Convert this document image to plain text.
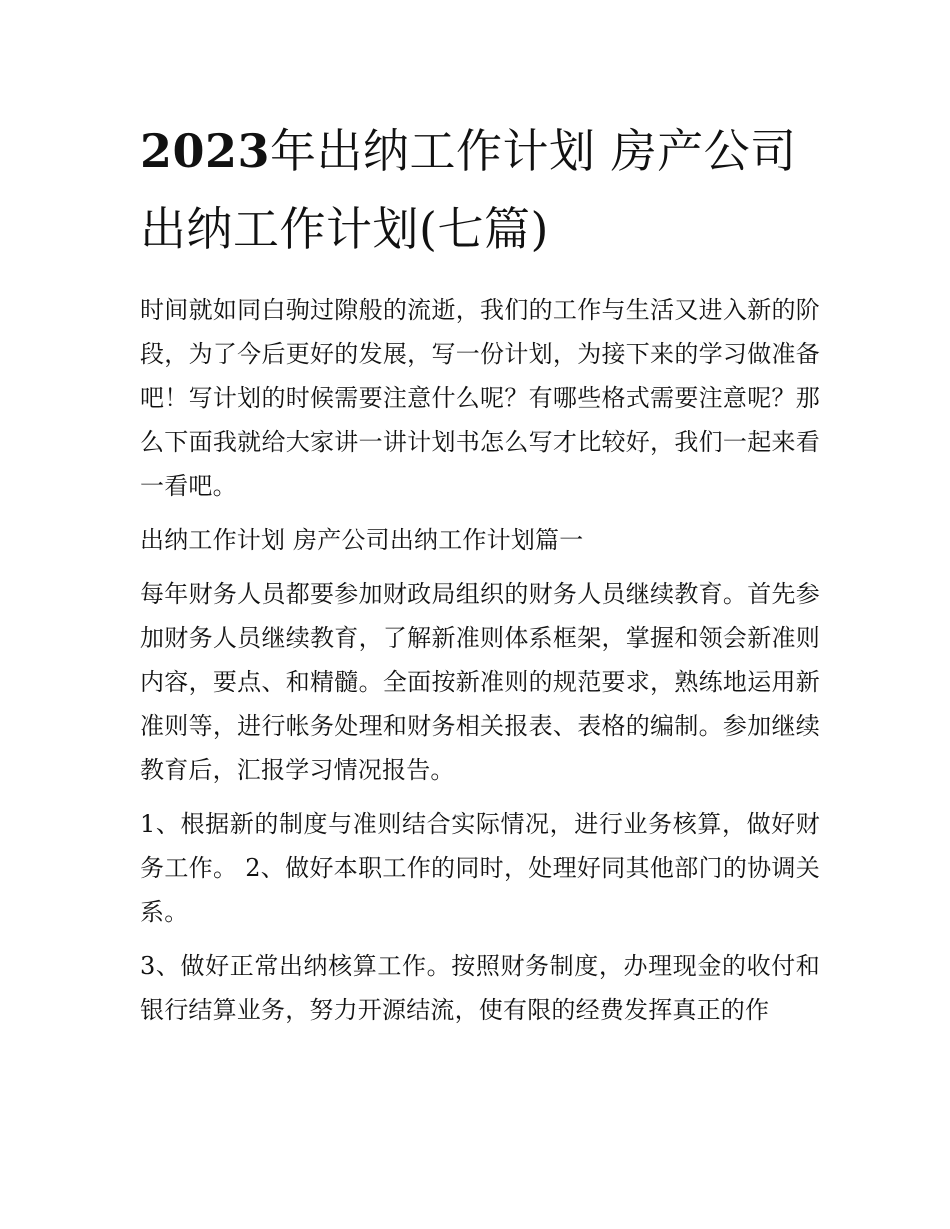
2023年出纳工作计划 房产公司出纳工作计划(七篇)

时间就如同白驹过隙般的流逝，我们的工作与生活又进入新的阶段，为了今后更好的发展，写一份计划，为接下来的学习做准备吧！写计划的时候需要注意什么呢？有哪些格式需要注意呢？那么下面我就给大家讲一讲计划书怎么写才比较好，我们一起来看一看吧。

出纳工作计划 房产公司出纳工作计划篇一

每年财务人员都要参加财政局组织的财务人员继续教育。首先参加财务人员继续教育，了解新准则体系框架，掌握和领会新准则内容，要点、和精髓。全面按新准则的规范要求，熟练地运用新准则等，进行帐务处理和财务相关报表、表格的编制。参加继续教育后，汇报学习情况报告。

1、根据新的制度与准则结合实际情况，进行业务核算，做好财务工作。 2、做好本职工作的同时，处理好同其他部门的协调关系。

3、做好正常出纳核算工作。按照财务制度，办理现金的收付和银行结算业务，努力开源结流，使有限的经费发挥真正的作
